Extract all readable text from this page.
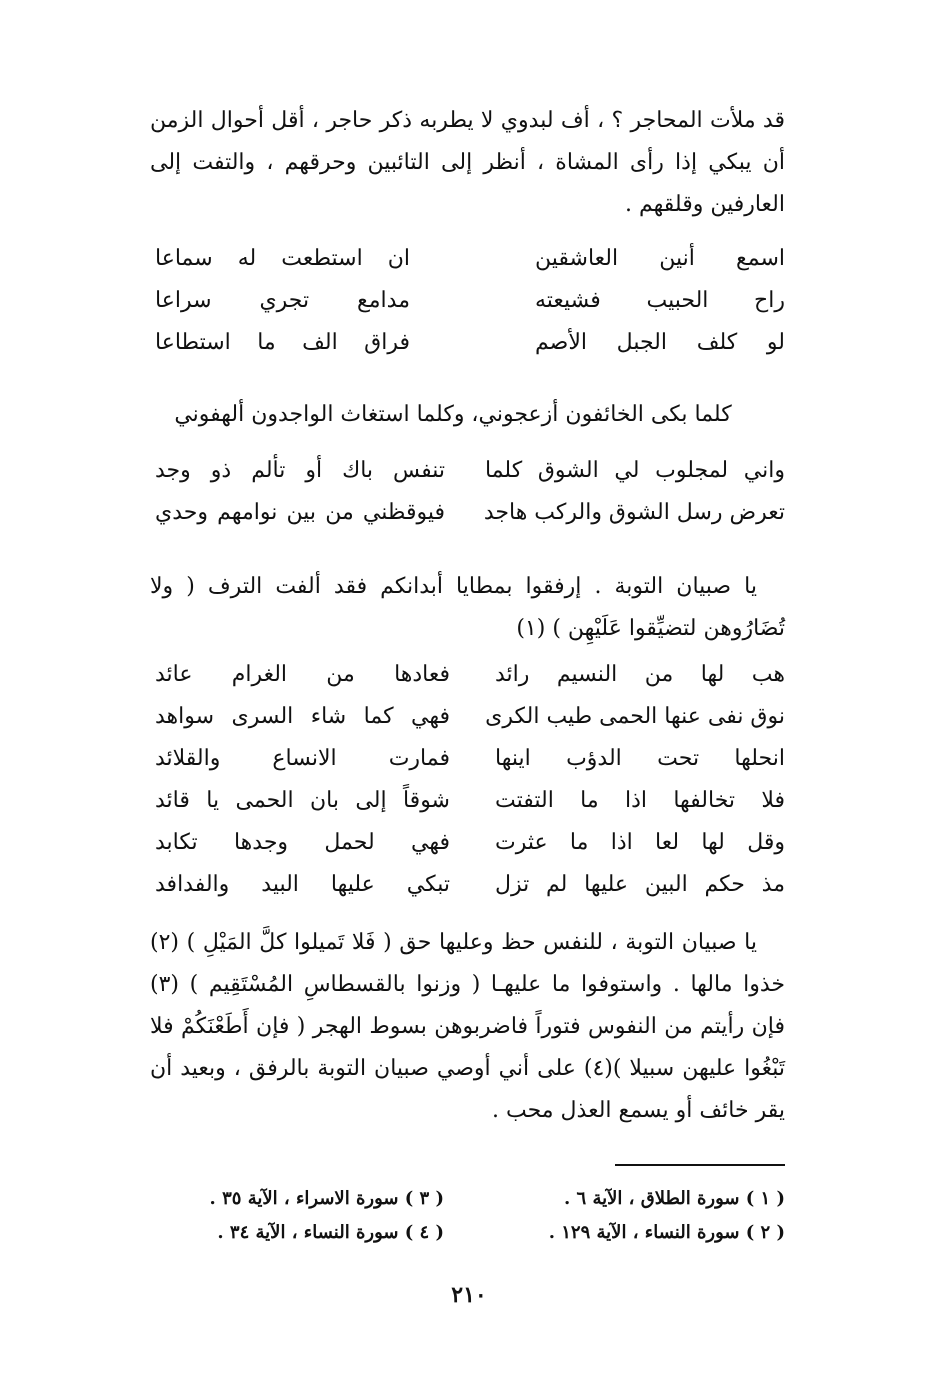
قد ملأت المحاجر ؟ ، أف لبدوي لا يطربه ذكر حاجر ، أقل أحوال الزمن أن يبكي إذا رأى المشاة ، أنظر إلى التائبين وحرقهم ، والتفت إلى العارفين وقلقهم .

اسمع أنين العاشقين
ان استطعت له سماعا
راح الحبيب فشيعته
مدامع تجري سراعا
لو كلف الجبل الأصم
فراق الف ما استطاعا
كلما بكى الخائفون أزعجوني، وكلما استغاث الواجدون ألهفوني
واني لمجلوب لي الشوق كلما
تنفس باك أو تألم ذو وجد
تعرض رسل الشوق والركب هاجد
فيوقظني من بين نوامهم وحدي

يا صبيان التوبة . إرفقوا بمطايا أبدانكم فقد ألفت الترف ( ولا تُضَارُوهن لتضيِّقوا عَلَيْهِن ) (١)

هب لها من النسيم رائد
فعادها من الغرام عائد
نوق نفى عنها الحمى طيب الكرى
فهي كما شاء السرى سواهد
انحلها تحت الدؤب اينها
فمارت الانساع والقلائد
فلا تخالفها اذا ما التفتت
شوقاً إلى بان الحمى يا قائد
وقل لها لعا اذا ما عثرت
فهي لحمل وجدها تكابد
مذ حكم البين عليها لم تزل
تبكي عليها البيد والفدافد

يا صبيان التوبة ، للنفس حظ وعليها حق ( فَلا تَميلوا كلَّ المَيْلِ ) (٢) خذوا مالها . واستوفوا ما عليهـا ( وزنوا بالقسطاسِ المُسْتَقِيم ) (٣) فإن رأيتم من النفوس فتوراً فاضربوهن بسوط الهجر ( فإن أَطَعْنَكُمْ فلا تَبْغُوا عليهن سبيلا )(٤) على أني أوصي صبيان التوبة بالرفق ، وبعيد أن يقر خائف أو يسمع العذل محب .

( ١ ) سورة الطلاق ، الآية ٦ .
( ٣ ) سورة الاسراء ، الآية ٣٥ .
( ٢ ) سورة النساء ، الآية ١٢٩ .
( ٤ ) سورة النساء ، الآية ٣٤ .
٢١٠
